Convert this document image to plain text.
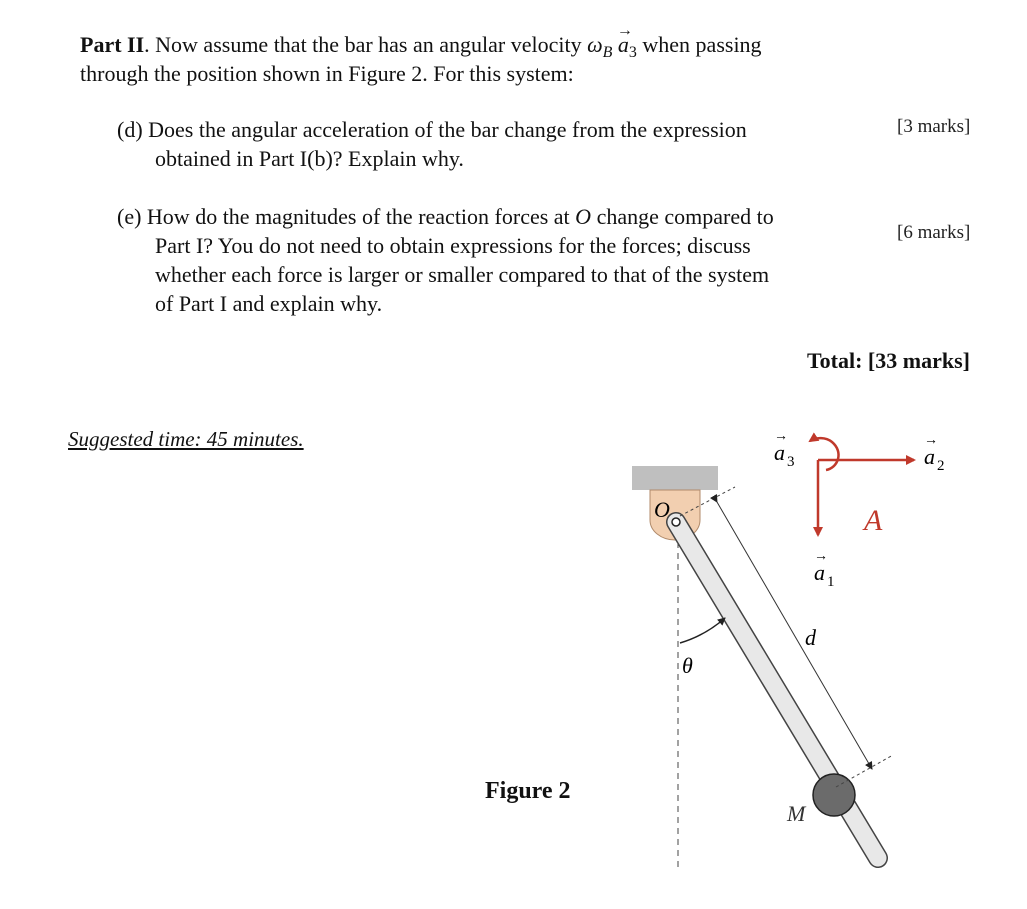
Part II. Now assume that the bar has an angular velocity $\omega_B \to a_3$ when passing
through the position shown in Figure 2. For this system:
(d) Does the angular acceleration of the bar change from the expression
obtained in Part I(b)? Explain why.
[3 marks]
(e) How do the magnitudes of the reaction forces at O change compared to
Part I? You do not need to obtain expressions for the forces; discuss
whether each force is larger or smaller compared to that of the system
of Part I and explain why.
[6 marks]
Total: [33 marks]
Suggested time: 45 minutes.
Figure 2
O
θ
d
M
A
→
a 3
→
a 2
→
a 1
